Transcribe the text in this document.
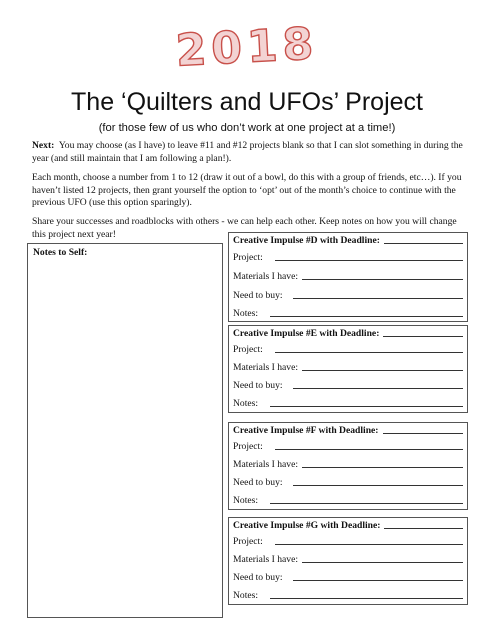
2018
The ‘Quilters and UFOs’ Project
(for those few of us who don’t work at one project at a time!)

Next: You may choose (as I have) to leave #11 and #12 projects blank so that I can slot something in during the year (and still maintain that I am following a plan!).

Each month, choose a number from 1 to 12 (draw it out of a bowl, do this with a group of friends, etc…). If you haven’t listed 12 projects, then grant yourself the option to ‘opt’ out of the month’s choice to continue with the previous UFO (use this option sparingly).

Share your successes and roadblocks with others - we can help each other. Keep notes on how you will change this project next year!

Notes to Self:
Creative Impulse #D with Deadline:
Project:
Materials I have:
Need to buy:
Notes:
Creative Impulse #E with Deadline:
Project:
Materials I have:
Need to buy:
Notes:
Creative Impulse #F with Deadline:
Project:
Materials I have:
Need to buy:
Notes:
Creative Impulse #G with Deadline:
Project:
Materials I have:
Need to buy:
Notes:
